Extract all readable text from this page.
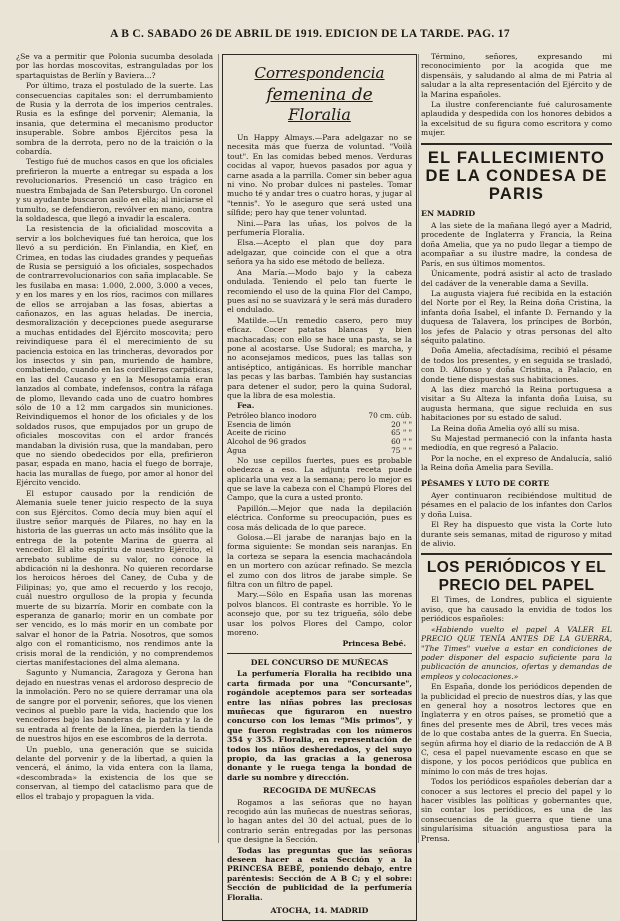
A B C. SABADO 26 DE ABRIL DE 1919. EDICION DE LA TARDE. PAG. 17

¿Se va a permitir que Polonia sucumba desolada por las hordas moscovitas, estranguladas por los spartaquistas de Berlín y Baviera...?

Por último, traza el postulado de la suerte. Las consecuencias capitales son: el derrumbamiento de Rusia y la derrota de los imperios centrales. Rusia es la esfinge del porvenir; Alemania, la insania, que determina el mecanismo productor insuperable. Sobre ambos Ejércitos pesa la sombra de la derrota, pero no de la traición o la cobardía.

Testigo fué de muchos casos en que los oficiales prefirieron la muerte a entregar su espada a los revolucionarios. Presenció un caso trágico en nuestra Embajada de San Petersburgo. Un coronel y su ayudante buscaron asilo en ella; al iniciarse el tumulto, se defendieron, revólver en mano, contra la soldadesca, que llegó a invadir la escalera.

La resistencia de la oficialidad moscovita a servir a los bolcheviques fué tan heroica, que los llevó a su perdición. En Finlandia, en Kief, en Crimea, en todas las ciudades grandes y pequeñas de Rusia se persiguió a los oficiales, sospechados de contrarrevolucionarios con saña implacable. Se les fusilaba en masa: 1.000, 2.000, 3.000 a veces, y en los mares y en los ríos, racimos con millares de ellos se arrojaban a las fosas, abiertas a cañonazos, en las aguas heladas. De inercia, desmoralización y decepciones puede asegurarse a muchas entidades del Ejército moscovita; pero reivindiquese para él el merecimiento de su paciencia estoica en las trincheras, devorados por los insectos y sin pan, muriendo de hambre, combatiendo, cuando en las cordilleras carpáticas, en las del Caucaso y en la Mesopotamia eran lanzados al combate, indefensos, contra la ráfaga de plomo, llevando cada uno de cuatro hombres sólo de 10 a 12 mm cargados sin municiones. Reivindiquemos el honor de los oficiales y de los soldados rusos, que empujados por un grupo de oficiales moscovitas con el ardor francés mandaban la división rusa, que la mandaban, pero que no siendo obedecidos por ella, prefirieron pasar, espada en mano, hacia el fuego de borraje, hacia las murallas de fuego, por amor al honor del Ejército vencido.

El estupor causado por la rendición de Alemania suele tener juicio respecto de la suya con sus Ejércitos. Como decía muy bien aquí el ilustre señor marqués de Pilares, no hay en la historia de las guerras un acto más insólito que la entrega de la potente Marina de guerra al vencedor. El alto espíritu de nuestro Ejército, el arrebato sublime de su valor, no conoce la abdicación ni la deshonra. No quieren recordarse los heroicos héroes del Caney, de Cuba y de Filipinas; yo, que amo el recuerdo y los recojo, cuál nuestro orgulloso de la propia y fecunda muerte de su bizarría. Morir en combate con la esperanza de ganarlo; morir en un combate por ser vencido, es lo más morir en un combate por salvar el honor de la Patria. Nosotros, que somos algo con el romanticismo, nos rendimos ante la crisis moral de la rendición, y no comprendemos ciertas manifestaciones del alma alemana.

Sagunto y Numancia, Zaragoza y Gerona han dejado en nuestras venas el ardoroso desprecio de la inmolación. Pero no se quiere derramar una ola de sangre por el porvenir, señores, que los vienen vecinos al pueblo pare la vida, haciendo que los vencedores bajo las banderas de la patria y la de su entrada al frente de la línea, pierden la tienda de nuestros hijos en ese escombros de la derrota.

Un pueblo, una generación que se suicida delante del porvenir y de la libertad, a quien la vencerá, el ánimo, la vida entera con la llama, «descombrada» la existencia de los que se conservan, al tiempo del cataclismo para que de ellos el trabajo y propaguen la vida.

Correspondencia
femenina de
Floralia

Un Happy Almays.—Para adelgazar no se necesita más que fuerza de voluntad. "Voilà tout". En las comidas bebed menos. Verduras cocidas al vapor, huevos pasados por agua y carne asada a la parrilla. Comer sin beber agua ni vino. No probar dulces ni pasteles. Tomar mucho té y andar tres o cuatro horas, y jugar al "tennis". Yo le aseguro que será usted una sílfide; pero hay que tener voluntad.

Nini.—Para las uñas, los polvos de la perfumería Floralia.

Elsa.—Acepto el plan que doy para adelgazar, que coincide con el que a otra señora ya ha sido ese método de belleza.

Ana María.—Modo bajo y la cabeza ondulada. Teniendo el pelo tan fuerte le recomiendo el uso de la quina Flor del Campo, pues así no se suavizará y le será más duradero el ondulado.

Matilde.—Un remedio casero, pero muy eficaz. Cocer patatas blancas y bien machacadas; con ello se hace una pasta, se la pone al acostarse. Use Sudoral; es marcha, y no aconsejamos medicos, pues las tallas son antiséptico, antigánicas. Es horrible manchar las pecas y las barbas. También hay sustancias para detener el sudor, pero la quina Sudoral, que la libra de esa molestia.

Fea.

Petróleo blanco inodoro	70 cm. cúb.
Esencia de limón	20 " "
Aceite de ricino	65 " "
Alcohol de 96 grados	60 " "
Agua	75 " "

No use cepillos fuertes, pues es probable obedezca a eso. La adjunta receta puede aplicarla una vez a la semana; pero lo mejor es que se lave la cabeza con el Champú Flores del Campo, que la cura a usted pronto.

Papillón.—Mejor que nada la depilación eléctrica. Conforme su preocupación, pues es cosa más delicada de lo que parece.

Golosa.—El jarabe de naranjas bajo en la forma siguiente: Se mondan seis naranjas. En la corteza se separa la esencia machacándola en un mortero con azúcar refinado. Se mezcla el zumo con dos litros de jarabe simple. Se filtra con un filtro de papel.

Mary.—Sólo en España usan las morenas polvos blancos. El contraste es horrible. Yo le aconsejo que, por su tez trigueña, sólo debe usar los polvos Flores del Campo, color moreno.

Princesa Bebé.

DEL CONCURSO DE MUÑECAS

La perfumería Floralia ha recibido una carta firmada por una "Concursante", rogándole aceptemos para ser sorteadas entre las niñas pobres las preciosas muñecas que figuraron en nuestro concurso con los lemas "Mis primos", y que fueron registradas con los números 354 y 355. Floralia, en representación de todos los niños desheredados, y del suyo propio, da las gracias a la generosa donante y le ruega tenga la bondad de darle su nombre y dirección.

RECOGIDA DE MUÑECAS

Rogamos a las señoras que no hayan recogido aún las muñecas de nuestras señoras, lo hagan antes del 30 del actual, pues de lo contrario serán entregadas por las personas que designe la Sección.

Todas las preguntas que las señoras deseen hacer a esta Sección y a la PRINCESA BEBÉ, poniendo debajo, entre paréntesis: Sección de A B C; y el sobre: Sección de publicidad de la perfumería Floralia.

ATOCHA, 14. MADRID

Término, señores, expresando mi reconocimiento por la acogida que me dispensáis, y saludando al alma de mi Patria al saludar a la alta representación del Ejército y de la Marina españoles.

La ilustre conferenciante fué calurosamente aplaudida y despedida con los honores debidos a la excelsitud de su figura como escritora y como mujer.

EL FALLECIMIENTO DE LA CONDESA DE PARIS

EN MADRID

A las siete de la mañana llegó ayer a Madrid, procedente de Inglaterra y Francia, la Reina doña Amelia, que ya no pudo llegar a tiempo de acompañar a su ilustre madre, la condesa de París, en sus últimos momentos.

Únicamente, podrá asistir al acto de traslado del cadáver de la venerable dama a Sevilla.

La augusta viajera fué recibida en la estación del Norte por el Rey, la Reina doña Cristina, la infanta doña Isabel, el infante D. Fernando y la duquesa de Talavera, los príncipes de Borbón, los jefes de Palacio y otras personas del alto séquito palatino.

Doña Amelia, afectadísima, recibió el pésame de todos los presentes, y en seguida se trasladó, con D. Alfonso y doña Cristina, a Palacio, en donde tiene dispuestas sus habitaciones.

A las diez marchó la Reina portuguesa a visitar a Su Alteza la infanta doña Luisa, su augusta hermana, que sigue recluida en sus habitaciones por su estado de salud.

La Reina doña Amelia oyó allí su misa.

Su Majestad permaneció con la infanta hasta mediodía, en que regresó a Palacio.

Por la noche, en el expreso de Andalucía, salió la Reina doña Amelia para Sevilla.

PÉSAMES Y LUTO DE CORTE

Ayer continuaron recibiéndose multitud de pésames en el palacio de los infantes don Carlos y doña Luisa.

El Rey ha dispuesto que vista la Corte luto durante seis semanas, mitad de riguroso y mitad de alivio.

LOS PERIÓDICOS Y EL PRECIO DEL PAPEL

El Times, de Londres, publica el siguiente aviso, que ha causado la envidia de todos los periódicos españoles:

«Habiendo vuelto el papel A VALER EL PRECIO QUE TENÍA ANTES DE LA GUERRA, "The Times" vuelve a estar en condiciones de poder disponer del espacio suficiente para la publicación de anuncios, ofertas y demandas de empleos y colocaciones.»

En España, donde los periódicos dependen de la publicidad el precio de nuestros días, y las que en general hoy a nosotros lectores que en Inglaterra y en otros países, se prometió que a fines del presente mes de Abril, tres veces más de lo que costaba antes de la guerra. En Suecia, según afirma hoy el diario de la redacción de A B C, cesa el papel nuevamente escaso en que se dispone, y los pocos periódicos que publica en mínimo lo con más de tres hojas.

Todos los periódicos españoles deberían dar a conocer a sus lectores el precio del papel y lo hacer visibles las políticas y gobernantes que, sin contar los periódicos, es una de las consecuencias de la guerra que tiene una singularísima situación angustiosa para la Prensa.
